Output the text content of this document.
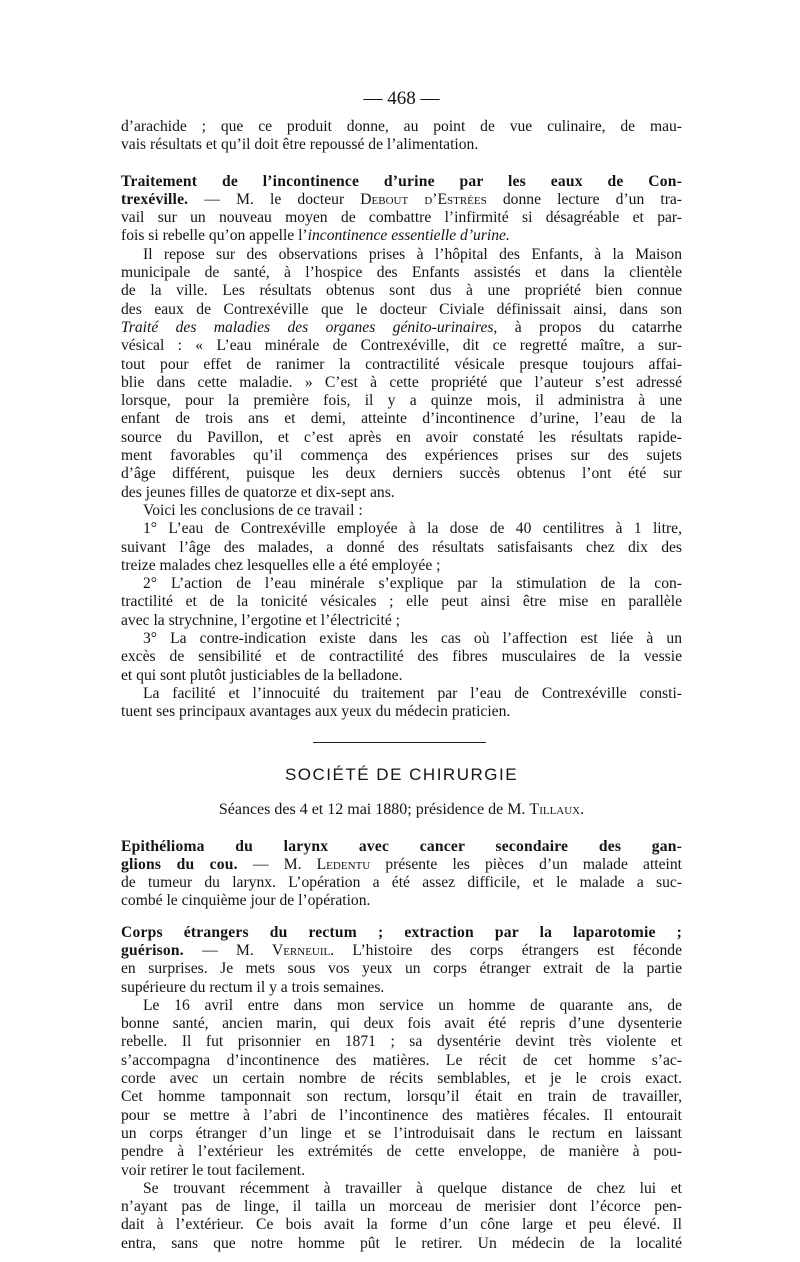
— 468 —
d’arachide ; que ce produit donne, au point de vue culinaire, de mau-
vais résultats et qu’il doit être repoussé de l’alimentation.
Traitement de l’incontinence d’urine par les eaux de Con-
trexéville. — M. le docteur Debout d’Estrées donne lecture d’un tra-
vail sur un nouveau moyen de combattre l’infirmité si désagréable et par-
fois si rebelle qu’on appelle l’incontinence essentielle d’urine.
Il repose sur des observations prises à l’hôpital des Enfants, à la Maison
municipale de santé, à l’hospice des Enfants assistés et dans la clientèle
de la ville. Les résultats obtenus sont dus à une propriété bien connue
des eaux de Contrexéville que le docteur Civiale définissait ainsi, dans son
Traité des maladies des organes génito-urinaires, à propos du catarrhe
vésical : « L’eau minérale de Contrexéville, dit ce regretté maître, a sur-
tout pour effet de ranimer la contractilité vésicale presque toujours affai-
blie dans cette maladie. » C’est à cette propriété que l’auteur s’est adressé
lorsque, pour la première fois, il y a quinze mois, il administra à une
enfant de trois ans et demi, atteinte d’incontinence d’urine, l’eau de la
source du Pavillon, et c’est après en avoir constaté les résultats rapide-
ment favorables qu’il commença des expériences prises sur des sujets
d’âge différent, puisque les deux derniers succès obtenus l’ont été sur
des jeunes filles de quatorze et dix-sept ans.
Voici les conclusions de ce travail :
1° L’eau de Contrexéville employée à la dose de 40 centilitres à 1 litre,
suivant l’âge des malades, a donné des résultats satisfaisants chez dix des
treize malades chez lesquelles elle a été employée ;
2° L’action de l’eau minérale s’explique par la stimulation de la con-
tractilité et de la tonicité vésicales ; elle peut ainsi être mise en parallèle
avec la strychnine, l’ergotine et l’électricité ;
3° La contre-indication existe dans les cas où l’affection est liée à un
excès de sensibilité et de contractilité des fibres musculaires de la vessie
et qui sont plutôt justiciables de la belladone.
La facilité et l’innocuité du traitement par l’eau de Contrexéville consti-
tuent ses principaux avantages aux yeux du médecin praticien.
SOCIÉTÉ DE CHIRURGIE
Séances des 4 et 12 mai 1880; présidence de M. Tillaux.
Epithélioma du larynx avec cancer secondaire des gan-
glions du cou. — M. Ledentu présente les pièces d’un malade atteint
de tumeur du larynx. L’opération a été assez difficile, et le malade a suc-
combé le cinquième jour de l’opération.
Corps étrangers du rectum ; extraction par la laparotomie ;
guérison. — M. Verneuil. L’histoire des corps étrangers est féconde
en surprises. Je mets sous vos yeux un corps étranger extrait de la partie
supérieure du rectum il y a trois semaines.
Le 16 avril entre dans mon service un homme de quarante ans, de
bonne santé, ancien marin, qui deux fois avait été repris d’une dysenterie
rebelle. Il fut prisonnier en 1871 ; sa dysentérie devint très violente et
s’accompagna d’incontinence des matières. Le récit de cet homme s’ac-
corde avec un certain nombre de récits semblables, et je le crois exact.
Cet homme tamponnait son rectum, lorsqu’il était en train de travailler,
pour se mettre à l’abri de l’incontinence des matières fécales. Il entourait
un corps étranger d’un linge et se l’introduisait dans le rectum en laissant
pendre à l’extérieur les extrémités de cette enveloppe, de manière à pou-
voir retirer le tout facilement.
Se trouvant récemment à travailler à quelque distance de chez lui et
n’ayant pas de linge, il tailla un morceau de merisier dont l’écorce pen-
dait à l’extérieur. Ce bois avait la forme d’un cône large et peu élevé. Il
entra, sans que notre homme pût le retirer. Un médecin de la localité
